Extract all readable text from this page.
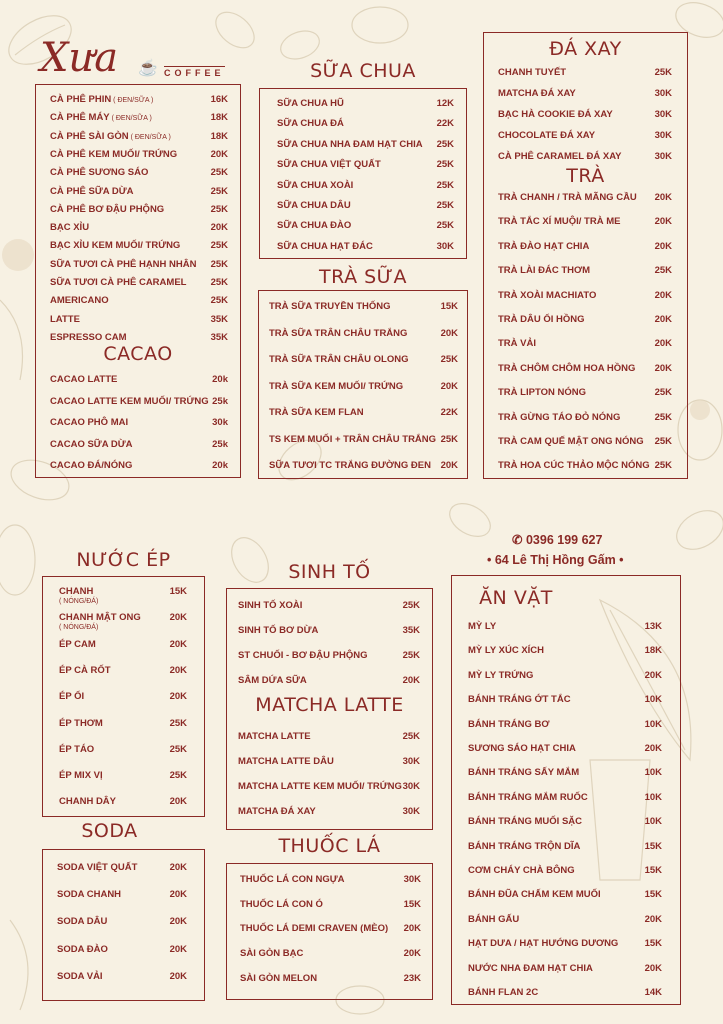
Xưa ☕ COFFEE
CACAO
SỮA CHUA
TRÀ SỮA
ĐÁ XAY
TRÀ
NƯỚC ÉP
SODA
SINH TỐ
MATCHA LATTE
THUỐC LÁ
ĂN VẶT
✆ 0396 199 627
• 64 Lê Thị Hồng Gấm •
CÀ PHÊ PHIN ( ĐEN/SỮA )	16K
CÀ PHÊ MÁY ( ĐEN/SỮA )	18K
CÀ PHÊ SÀI GÒN ( ĐEN/SỮA )	18K
CÀ PHÊ KEM MUỐI/ TRỨNG	20K
CÀ PHÊ SƯƠNG SÁO	25K
CÀ PHÊ SỮA DỪA	25K
CÀ PHÊ BƠ ĐẬU PHỘNG	25K
BẠC XỈU	20K
BẠC XỈU KEM MUỐI/ TRỨNG	25K
SỮA TƯƠI CÀ PHÊ HẠNH NHÂN 25K
SỮA TƯƠI CÀ PHÊ CARAMEL	25K
AMERICANO	25K
LATTE	35K
ESPRESSO CAM	35K
CACAO LATTE	20k
CACAO LATTE KEM MUỐI/ TRỨNG 25k
CACAO PHÔ MAI	30k
CACAO SỮA DỪA	25k
CACAO ĐÁ/NÓNG	20k
SỮA CHUA HŨ	12K
SỮA CHUA ĐÁ	22K
SỮA CHUA NHA ĐAM HẠT CHIA 25K
SỮA CHUA VIỆT QUẤT	25K
SỮA CHUA XOÀI	25K
SỮA CHUA DÂU	25K
SỮA CHUA ĐÀO	25K
SỮA CHUA HẠT ĐÁC	30K
TRÀ SỮA TRUYỀN THỐNG	15K
TRÀ SỮA TRÂN CHÂU TRẮNG	20K
TRÀ SỮA TRÂN CHÂU OLONG	25K
TRÀ SỮA KEM MUỐI/ TRỨNG	20K
TRÀ SỮA KEM FLAN	22K
TS KEM MUỐI + TRÂN CHÂU TRẮNG 25K
SỮA TƯƠI TC TRẮNG ĐƯỜNG ĐEN 20K
CHANH TUYẾT	25K
MATCHA ĐÁ XAY	30K
BẠC HÀ COOKIE ĐÁ XAY	30K
CHOCOLATE ĐÁ XAY	30K
CÀ PHÊ CARAMEL ĐÁ XAY	30K
TRÀ CHANH / TRÀ MÃNG CẦU 20K
TRÀ TẮC XÍ MUỘI/ TRÀ ME	20K
TRÀ ĐÀO HẠT CHIA	20K
TRÀ LÀI ĐÁC THƠM	25K
TRÀ XOÀI MACHIATO	20K
TRÀ DÂU ỔI HỒNG	20K
TRÀ VẢI	20K
TRÀ CHÔM CHÔM HOA HỒNG 20K
TRÀ LIPTON NÓNG	25K
TRÀ GỪNG TÁO ĐỎ NÓNG	25K
TRÀ CAM QUẾ MẬT ONG NÓNG 25K
TRÀ HOA CÚC THẢO MỘC NÓNG 25K
CHANH
( NÓNG/ĐÁ)
15K
CHANH MẬT ONG
( NÓNG/ĐÁ)
20K
ÉP CAM	20K
ÉP CÀ RỐT	20K
ÉP ỔI	20K
ÉP THƠM	25K
ÉP TÁO	25K
ÉP MIX VỊ	25K
CHANH DÂY	20K
SODA VIỆT QUẤT	20K
SODA CHANH	20K
SODA DÂU	20K
SODA ĐÀO	20K
SODA VẢI	20K
SINH TỐ XOÀI	25K
SINH TỐ BƠ DỪA	35K
ST CHUỐI - BƠ ĐẬU PHỘNG	25K
SÂM DỨA SỮA	20K
MATCHA LATTE	25K
MATCHA LATTE DÂU	30K
MATCHA LATTE KEM MUỐI/ TRỨNG 30K
MATCHA ĐÁ XAY	30K
THUỐC LÁ CON NGỰA	30K
THUỐC LÁ CON Ó	15K
THUỐC LÁ DEMI CRAVEN (MÈO) 20K
SÀI GÒN BẠC	20K
SÀI GÒN MELON	23K
MỲ LY	13K
MỲ LY XÚC XÍCH	18K
MỲ LY TRỨNG	20K
BÁNH TRÁNG ỚT TẮC	10K
BÁNH TRÁNG BƠ	10K
SƯƠNG SÁO HẠT CHIA	20K
BÁNH TRÁNG SẤY MẮM	10K
BÁNH TRÁNG MẮM RUỐC	10K
BÁNH TRÁNG MUỐI SẶC	10K
BÁNH TRÁNG TRỘN DĨA	15K
CƠM CHÁY CHÀ BÔNG	15K
BÁNH ĐŨA CHẤM KEM MUỐI	15K
BÁNH GẤU	20K
HẠT DƯA / HẠT HƯỚNG DƯƠNG	15K
NƯỚC NHA ĐAM HẠT CHIA	20K
BÁNH FLAN 2C	14K
